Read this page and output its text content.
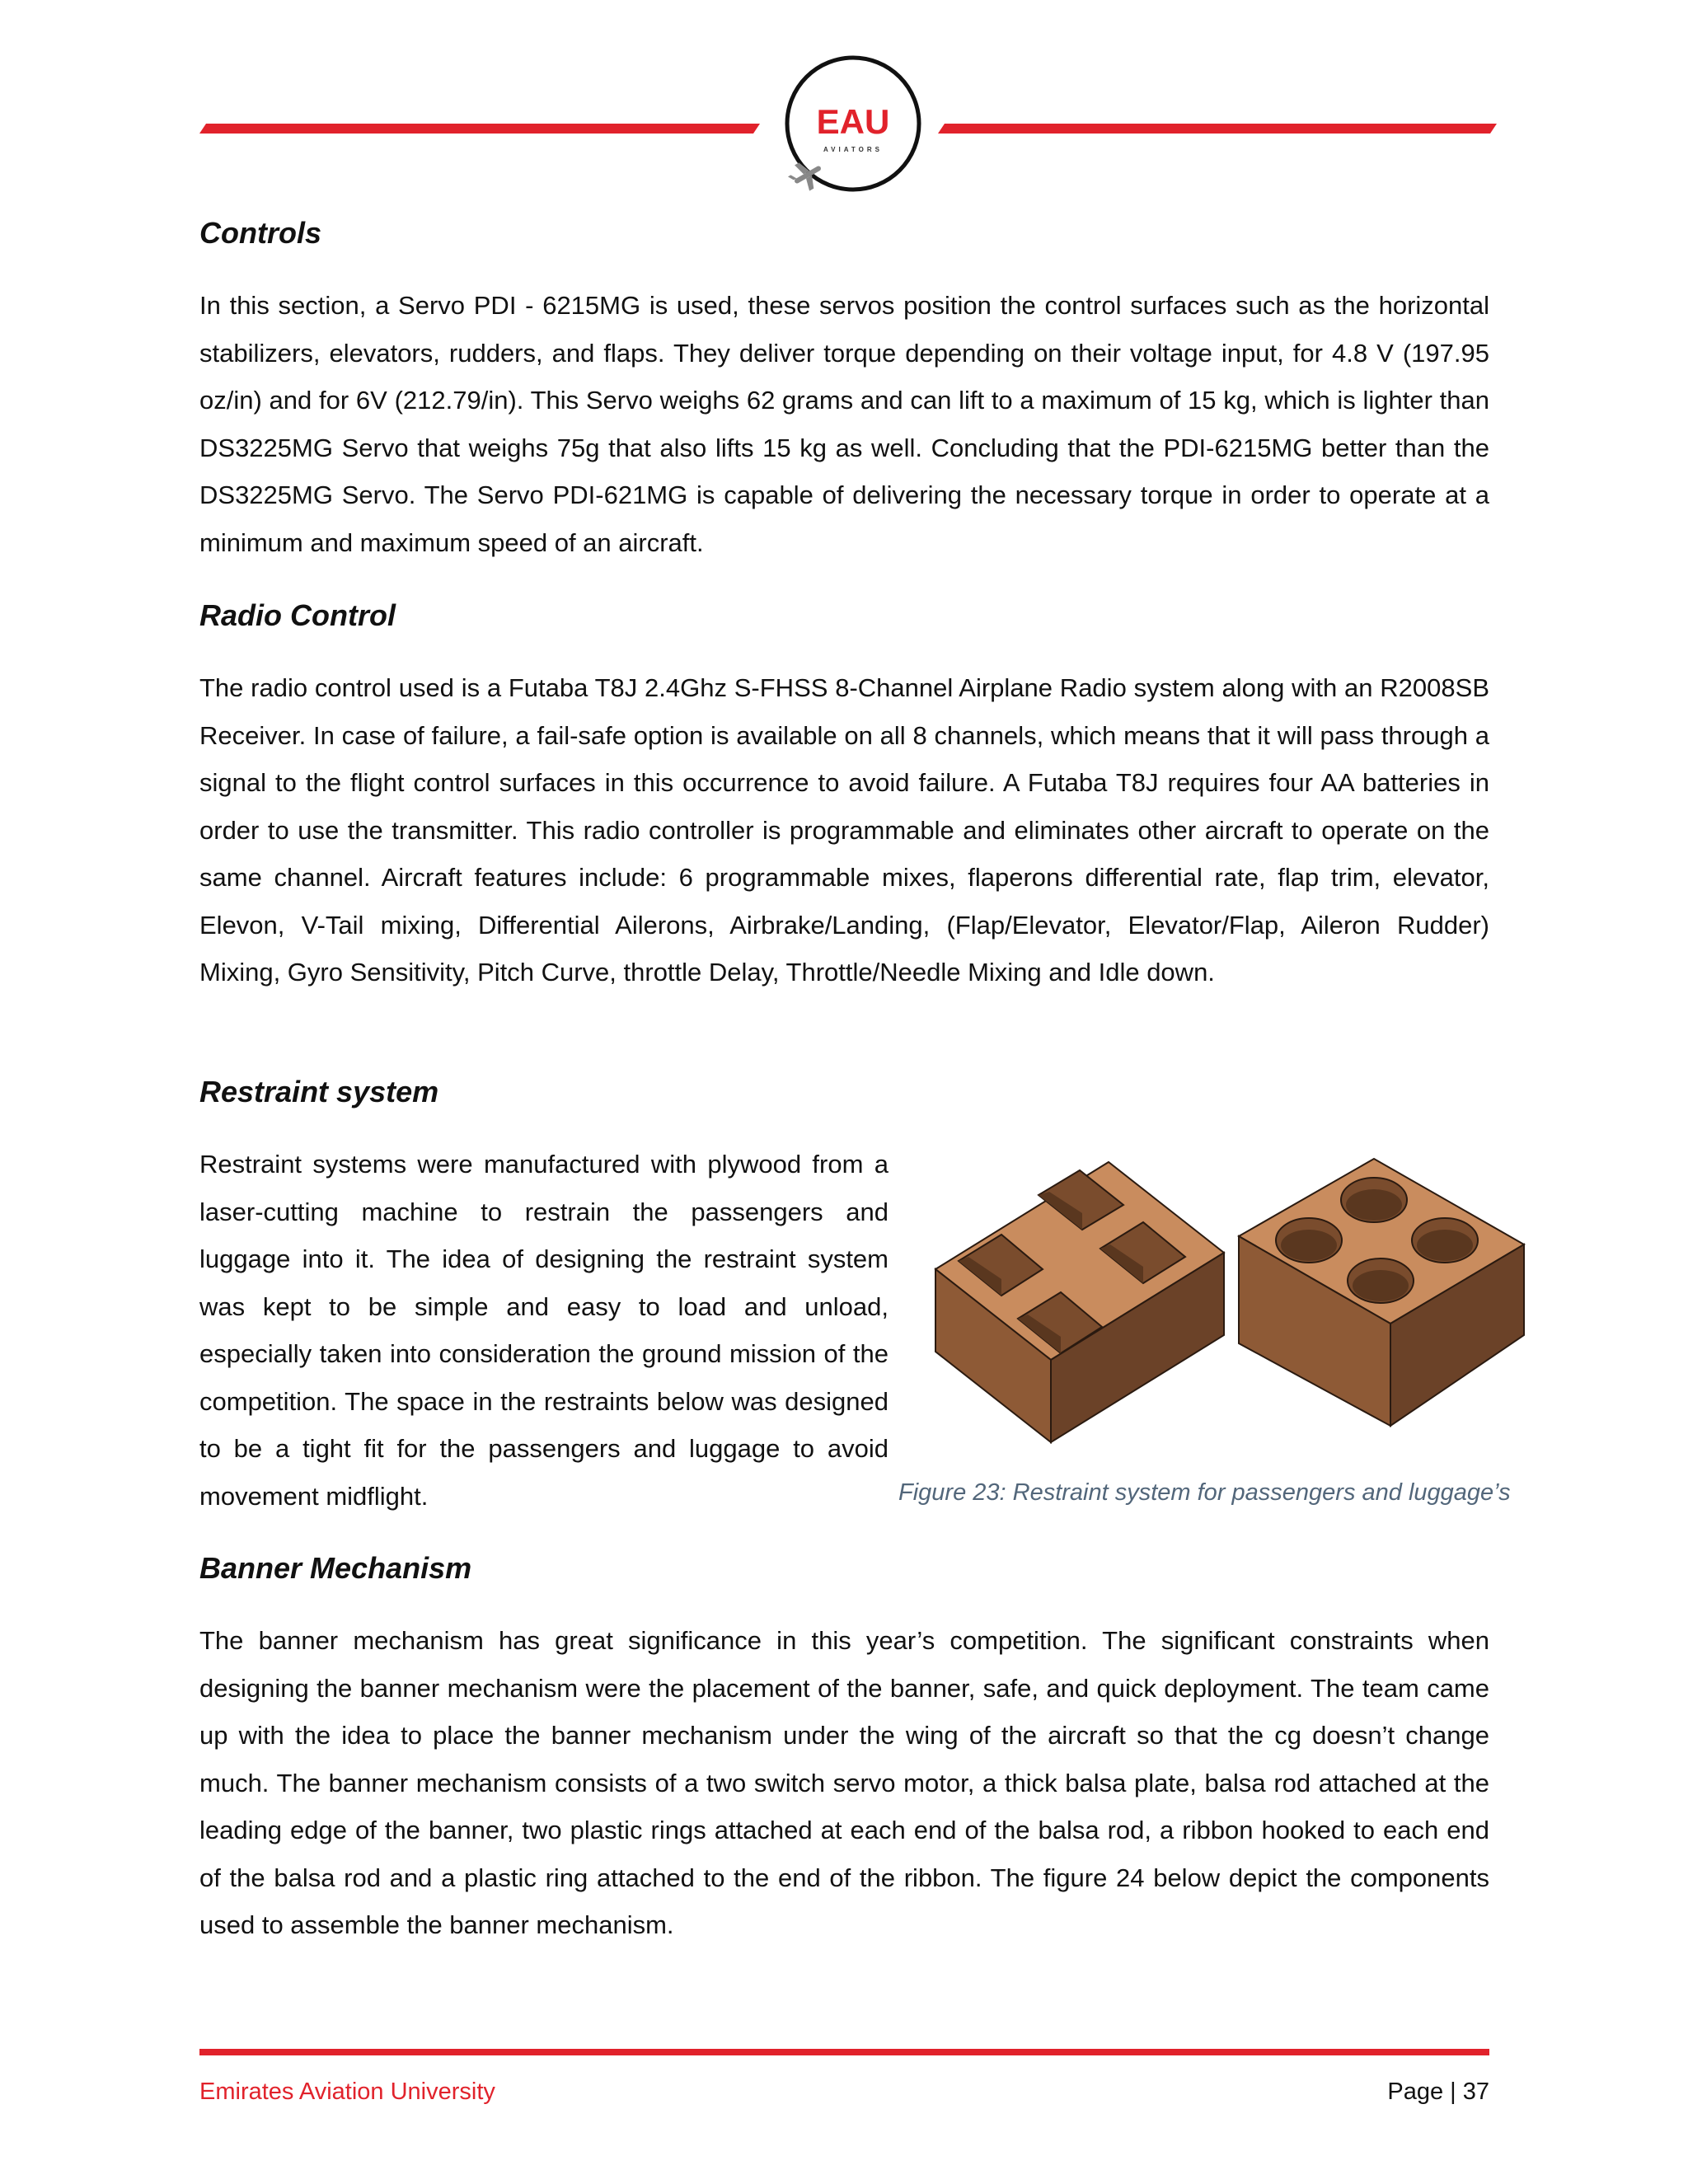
EAU
AVIATORS
Controls

In this section, a Servo PDI - 6215MG is used, these servos position the control surfaces such as the horizontal stabilizers, elevators, rudders, and flaps. They deliver torque depending on their voltage input, for 4.8 V (197.95 oz/in) and for 6V (212.79/in). This Servo weighs 62 grams and can lift to a maximum of 15 kg, which is lighter than DS3225MG Servo that weighs 75g that also lifts 15 kg as well. Concluding that the PDI-6215MG better than the DS3225MG Servo. The Servo PDI-621MG is capable of delivering the necessary torque in order to operate at a minimum and maximum speed of an aircraft.

Radio Control

The radio control used is a Futaba T8J 2.4Ghz S-FHSS 8-Channel Airplane Radio system along with an R2008SB Receiver. In case of failure, a fail-safe option is available on all 8 channels, which means that it will pass through a signal to the flight control surfaces in this occurrence to avoid failure. A Futaba T8J requires four AA batteries in order to use the transmitter. This radio controller is programmable and eliminates other aircraft to operate on the same channel. Aircraft features include: 6 programmable mixes, flaperons differential rate, flap trim, elevator, Elevon, V-Tail mixing, Differential Ailerons, Airbrake/Landing, (Flap/Elevator, Elevator/Flap, Aileron Rudder) Mixing, Gyro Sensitivity, Pitch Curve, throttle Delay, Throttle/Needle Mixing and Idle down.

Restraint system

Restraint systems were manufactured with plywood from a laser-cutting machine to restrain the passengers and luggage into it. The idea of designing the restraint system was kept to be simple and easy to load and unload, especially taken into consideration the ground mission of the competition. The space in the restraints below was designed to be a tight fit for the passengers and luggage to avoid movement midflight.	Figure 23: Restraint system for passengers and luggage’s
Banner Mechanism

The banner mechanism has great significance in this year’s competition. The significant constraints when designing the banner mechanism were the placement of the banner, safe, and quick deployment. The team came up with the idea to place the banner mechanism under the wing of the aircraft so that the cg doesn’t change much. The banner mechanism consists of a two switch servo motor, a thick balsa plate, balsa rod attached at the leading edge of the banner, two plastic rings attached at each end of the balsa rod, a ribbon hooked to each end of the balsa rod and a plastic ring attached to the end of the ribbon. The figure 24 below depict the components used to assemble the banner mechanism.

Emirates Aviation University	Page | 37
